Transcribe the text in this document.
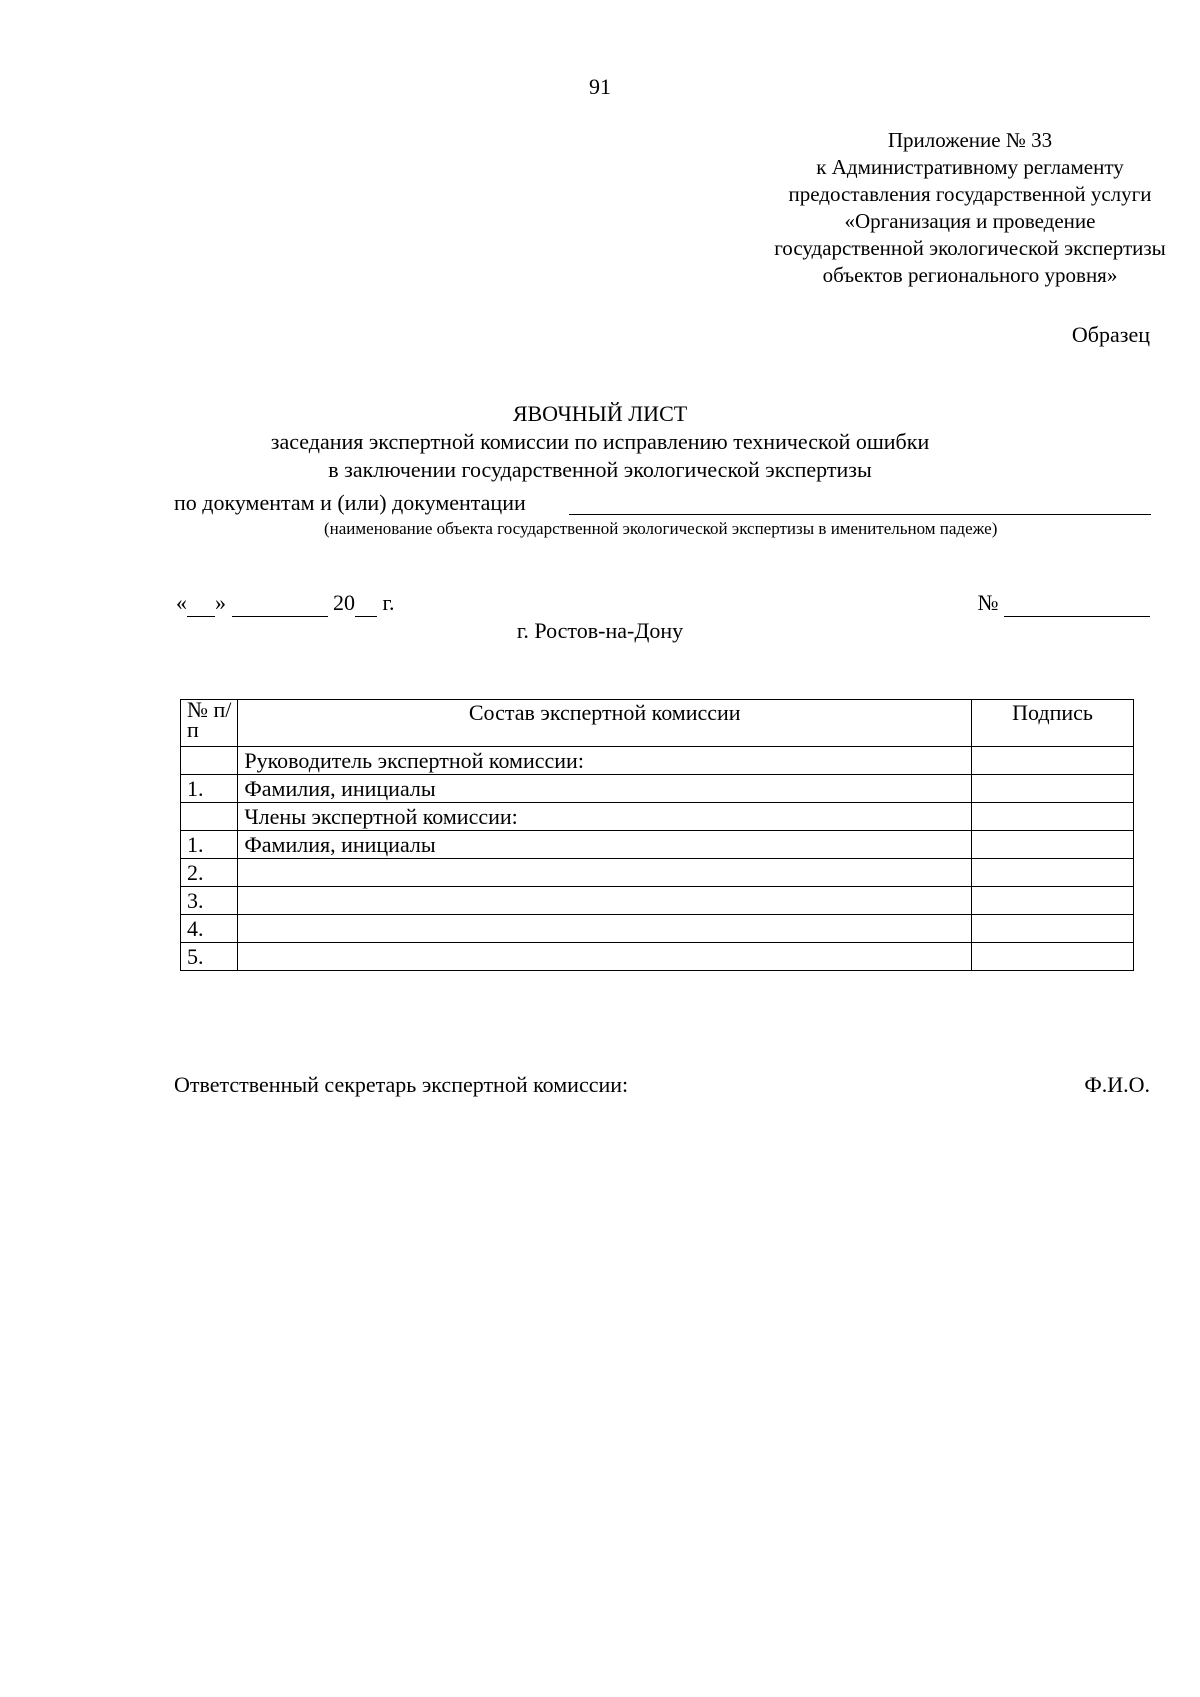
91
Приложение № 33
к Административному регламенту
предоставления государственной услуги
«Организация и проведение
государственной экологической экспертизы
объектов регионального уровня»
Образец
ЯВОЧНЫЙ ЛИСТ
заседания экспертной комиссии по исправлению технической ошибки
в заключении государственной экологической экспертизы
по документам и (или) документации
(наименование объекта государственной экологической экспертизы в именительном падеже)
« »	20 г.	№
г. Ростов-на-Дону
№ п/п	Состав экспертной комиссии	Подпись
	Руководитель экспертной комиссии:	
1.	Фамилия, инициалы	
	Члены экспертной комиссии:	
1.	Фамилия, инициалы	
2.		
3.		
4.		
5.		
Ответственный секретарь экспертной комиссии:	Ф.И.О.
